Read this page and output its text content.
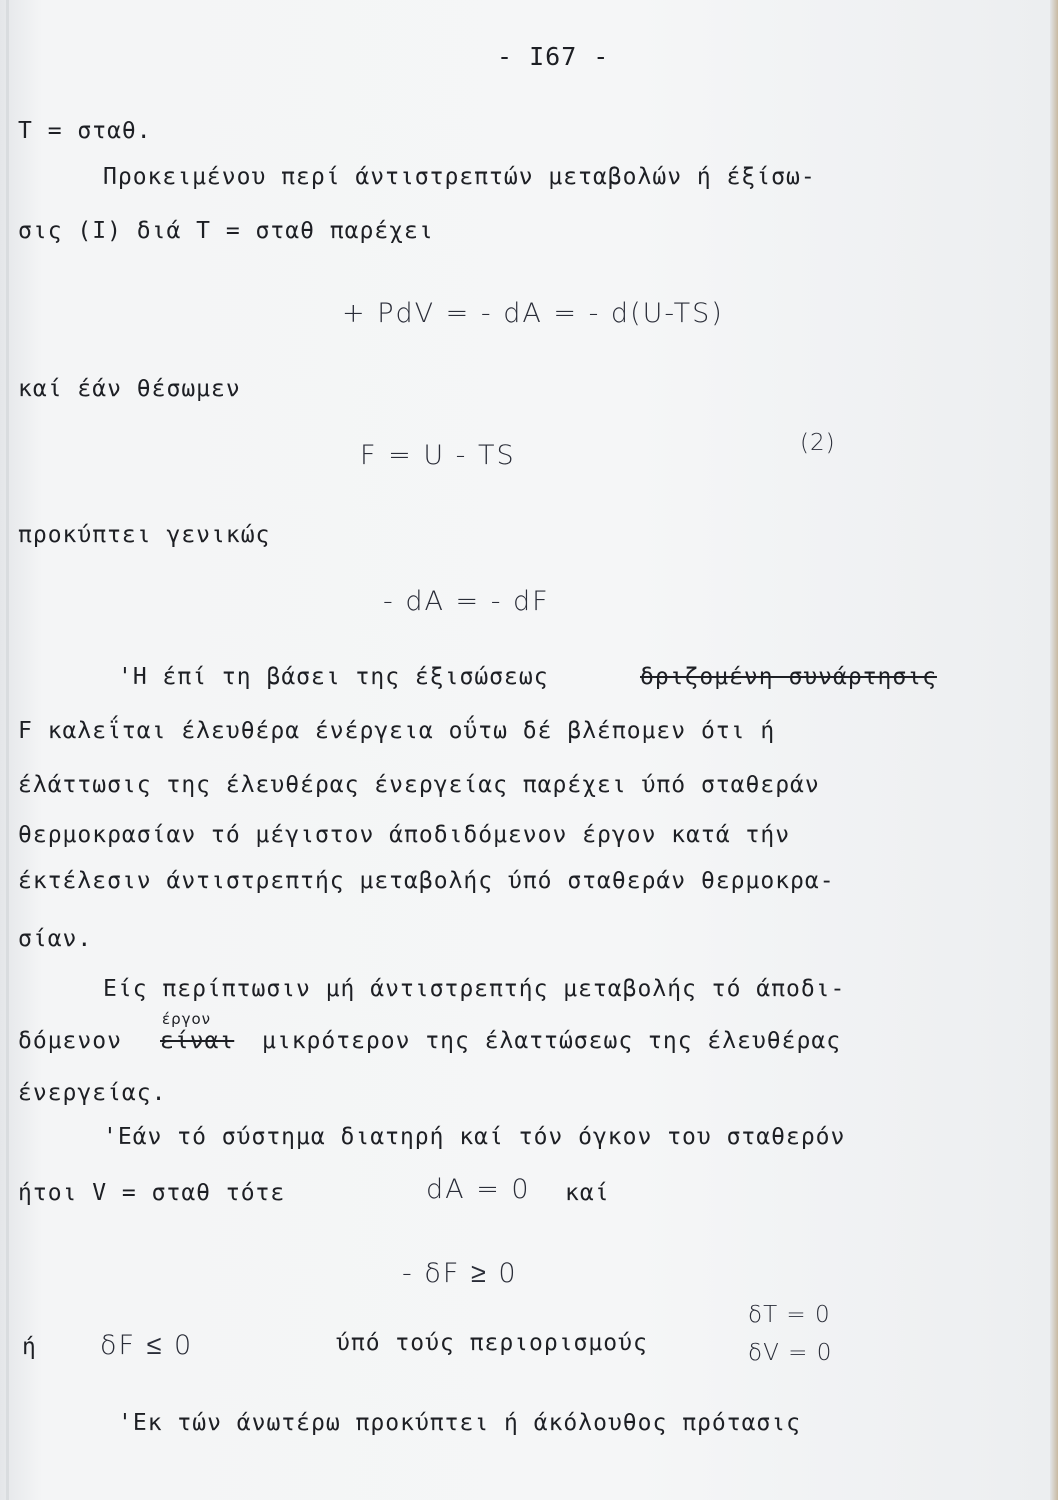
- I67 -
T = σταθ.
Προκειμένου περί άντιστρεπτών μεταβολών ή έξίσω-
σις (Ι) διά T = σταθ παρέχει
+ PdV = - dA = - d(U-TS)
καί έάν θέσωμεν
F = U - TS	(2)
προκύπτει γενικώς
- dA = - dF
'Η έπί τη βάσει της έξισώσεως	δριζομένη συνάρτησις
F καλεΐται έλευθέρα ένέργεια οΰτω δέ βλέπομεν ότι ή
έλάττωσις της έλευθέρας ένεργείας παρέχει ύπό σταθεράν
θερμοκρασίαν τό μέγιστον άποδιδόμενον έργον κατά τήν
έκτέλεσιν άντιστρεπτής μεταβολής ύπό σταθεράν θερμοκρα-
σίαν.
Είς περίπτωσιν μή άντιστρεπτής μεταβολής τό άποδι-
έργον
δόμενον είναι μικρότερον της έλαττώσεως της έλευθέρας
ένεργείας.
'Εάν τό σύστημα διατηρή καί τόν όγκον του σταθερόν
ήτοι V = σταθ τότε	dA = 0 καί
- δF ≥ 0
ή δF ≤ 0	ύπό τούς περιορισμούς
δT = 0
δV = 0
'Εκ τών άνωτέρω προκύπτει ή άκόλουθος πρότασις
